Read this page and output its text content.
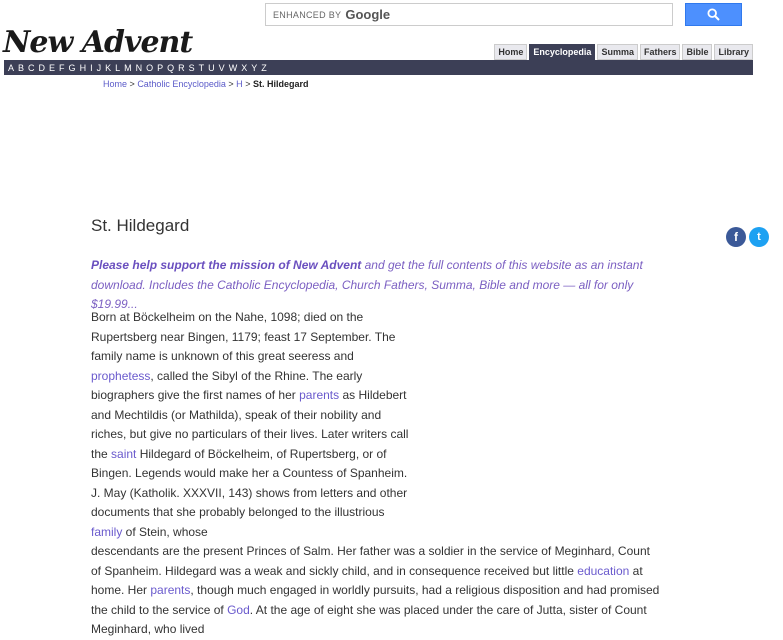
ENHANCED BY Google
New Advent	Home	Encyclopedia	Summa	Fathers	Bible	Library
A B C D E F G H I J K L M N O P Q R S T U V W X Y Z
Home > Catholic Encyclopedia > H > St. Hildegard
St. Hildegard
f	t
Please help support the mission of New Advent and get the full contents of this website as an instant download. Includes the Catholic Encyclopedia, Church Fathers, Summa, Bible and more — all for only $19.99...
Born at Böckelheim on the Nahe, 1098; died on the Rupertsberg near Bingen, 1179; feast 17 September. The family name is unknown of this great seeress and prophetess, called the Sibyl of the Rhine. The early biographers give the first names of her parents as Hildebert and Mechtildis (or Mathilda), speak of their nobility and riches, but give no particulars of their lives. Later writers call the saint Hildegard of Böckelheim, of Rupertsberg, or of Bingen. Legends would make her a Countess of Spanheim. J. May (Katholik. XXXVII, 143) shows from letters and other documents that she probably belonged to the illustrious family of Stein, whose
descendants are the present Princes of Salm. Her father was a soldier in the service of Meginhard, Count of Spanheim. Hildegard was a weak and sickly child, and in consequence received but little education at home. Her parents, though much engaged in worldly pursuits, had a religious disposition and had promised the child to the service of God. At the age of eight she was placed under the care of Jutta, sister of Count Meginhard, who lived
